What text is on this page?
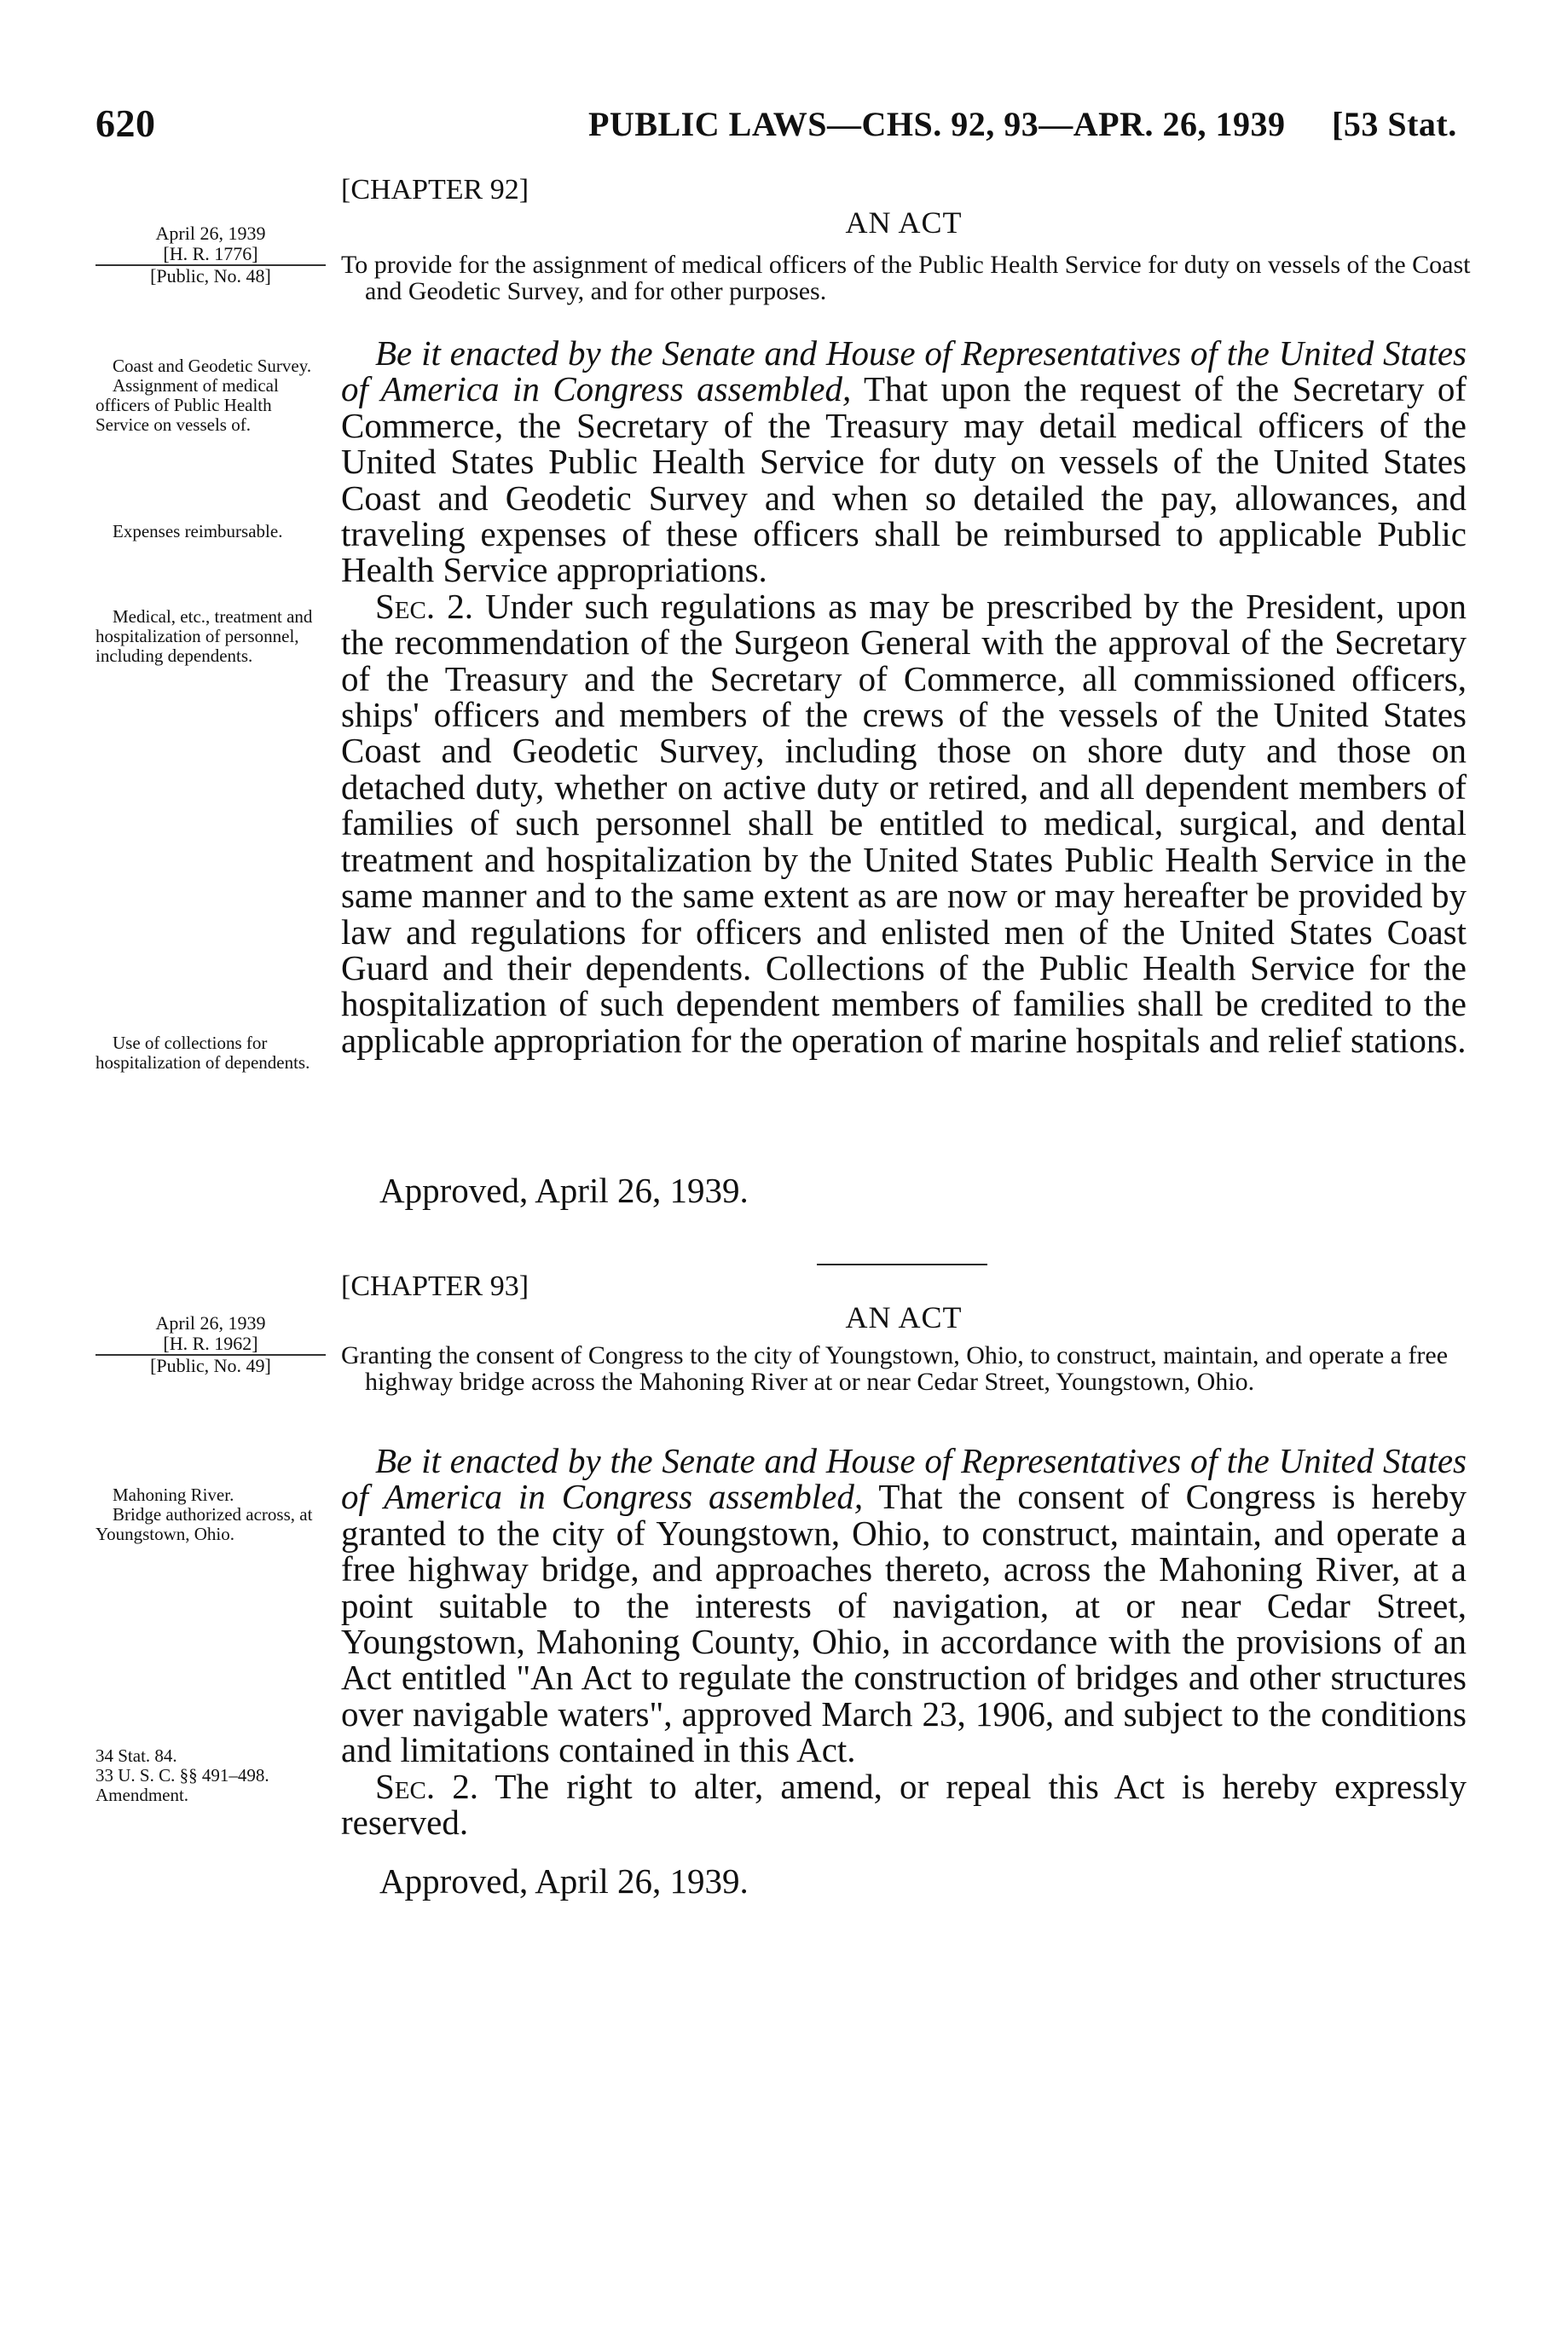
620	PUBLIC LAWS—CHS. 92, 93—APR. 26, 1939 [53 Stat.
[CHAPTER 92]
AN ACT
To provide for the assignment of medical officers of the Public Health Service for duty on vessels of the Coast and Geodetic Survey, and for other purposes.
April 26, 1939
[H. R. 1776]
[Public, No. 48]
Coast and Geodetic Survey.
Assignment of medical officers of Public Health Service on vessels of.
Expenses reimbursable.
Medical, etc., treatment and hospitalization of personnel, including dependents.
Use of collections for hospitalization of dependents.

Be it enacted by the Senate and House of Representatives of the United States of America in Congress assembled, That upon the request of the Secretary of Commerce, the Secretary of the Treasury may detail medical officers of the United States Public Health Service for duty on vessels of the United States Coast and Geodetic Survey and when so detailed the pay, allowances, and traveling expenses of these officers shall be reimbursed to applicable Public Health Service appropriations.

Sec. 2. Under such regulations as may be prescribed by the President, upon the recommendation of the Surgeon General with the approval of the Secretary of the Treasury and the Secretary of Commerce, all commissioned officers, ships' officers and members of the crews of the vessels of the United States Coast and Geodetic Survey, including those on shore duty and those on detached duty, whether on active duty or retired, and all dependent members of families of such personnel shall be entitled to medical, surgical, and dental treatment and hospitalization by the United States Public Health Service in the same manner and to the same extent as are now or may hereafter be provided by law and regulations for officers and enlisted men of the United States Coast Guard and their dependents. Collections of the Public Health Service for the hospitalization of such dependent members of families shall be credited to the applicable appropriation for the operation of marine hospitals and relief stations.

Approved, April 26, 1939.
[CHAPTER 93]
AN ACT
Granting the consent of Congress to the city of Youngstown, Ohio, to construct, maintain, and operate a free highway bridge across the Mahoning River at or near Cedar Street, Youngstown, Ohio.
April 26, 1939
[H. R. 1962]
[Public, No. 49]
Mahoning River.
Bridge authorized across, at Youngstown, Ohio.
34 Stat. 84.
33 U. S. C. §§ 491–498.
Amendment.

Be it enacted by the Senate and House of Representatives of the United States of America in Congress assembled, That the consent of Congress is hereby granted to the city of Youngstown, Ohio, to construct, maintain, and operate a free highway bridge, and approaches thereto, across the Mahoning River, at a point suitable to the interests of navigation, at or near Cedar Street, Youngstown, Mahoning County, Ohio, in accordance with the provisions of an Act entitled "An Act to regulate the construction of bridges and other structures over navigable waters", approved March 23, 1906, and subject to the conditions and limitations contained in this Act.

Sec. 2. The right to alter, amend, or repeal this Act is hereby expressly reserved.

Approved, April 26, 1939.
